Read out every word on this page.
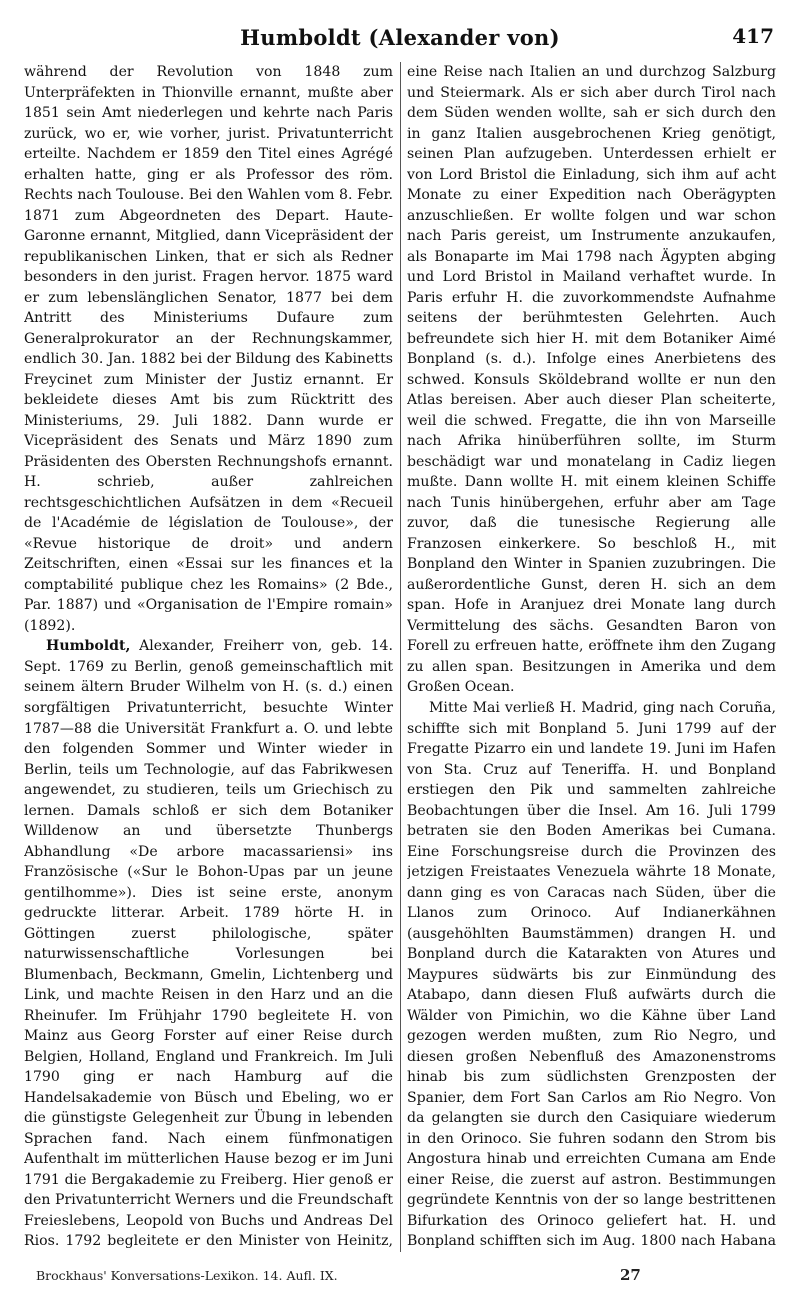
Humboldt (Alexander von)	417

während der Revolution von 1848 zum Unterpräfekten in Thionville ernannt, mußte aber 1851 sein Amt niederlegen und kehrte nach Paris zurück, wo er, wie vorher, jurist. Privatunterricht erteilte. Nachdem er 1859 den Titel eines Agrégé erhalten hatte, ging er als Professor des röm. Rechts nach Toulouse. Bei den Wahlen vom 8. Febr. 1871 zum Abgeordneten des Depart. Haute-Garonne ernannt, Mitglied, dann Vicepräsident der republikanischen Linken, that er sich als Redner besonders in den jurist. Fragen hervor. 1875 ward er zum lebenslänglichen Senator, 1877 bei dem Antritt des Ministeriums Dufaure zum Generalprokurator an der Rechnungskammer, endlich 30. Jan. 1882 bei der Bildung des Kabinetts Freycinet zum Minister der Justiz ernannt. Er bekleidete dieses Amt bis zum Rücktritt des Ministeriums, 29. Juli 1882. Dann wurde er Vicepräsident des Senats und März 1890 zum Präsidenten des Obersten Rechnungshofs ernannt. H. schrieb, außer zahlreichen rechtsgeschichtlichen Aufsätzen in dem «Recueil de l'Académie de législation de Toulouse», der «Revue historique de droit» und andern Zeitschriften, einen «Essai sur les finances et la comptabilité publique chez les Romains» (2 Bde., Par. 1887) und «Organisation de l'Empire romain» (1892).

Humboldt, Alexander, Freiherr von, geb. 14. Sept. 1769 zu Berlin, genoß gemeinschaftlich mit seinem ältern Bruder Wilhelm von H. (s. d.) einen sorgfältigen Privatunterricht, besuchte Winter 1787—88 die Universität Frankfurt a. O. und lebte den folgenden Sommer und Winter wieder in Berlin, teils um Technologie, auf das Fabrikwesen angewendet, zu studieren, teils um Griechisch zu lernen. Damals schloß er sich dem Botaniker Willdenow an und übersetzte Thunbergs Abhandlung «De arbore macassariensi» ins Französische («Sur le Bohon-Upas par un jeune gentilhomme»). Dies ist seine erste, anonym gedruckte litterar. Arbeit. 1789 hörte H. in Göttingen zuerst philologische, später naturwissenschaftliche Vorlesungen bei Blumenbach, Beckmann, Gmelin, Lichtenberg und Link, und machte Reisen in den Harz und an die Rheinufer. Im Frühjahr 1790 begleitete H. von Mainz aus Georg Forster auf einer Reise durch Belgien, Holland, England und Frankreich. Im Juli 1790 ging er nach Hamburg auf die Handelsakademie von Büsch und Ebeling, wo er die günstigste Gelegenheit zur Übung in lebenden Sprachen fand. Nach einem fünfmonatigen Aufenthalt im mütterlichen Hause bezog er im Juni 1791 die Bergakademie zu Freiberg. Hier genoß er den Privatunterricht Werners und die Freundschaft Freieslebens, Leopold von Buchs und Andreas Del Rios. 1792 begleitete er den Minister von Heinitz,

eine Reise nach Italien an und durchzog Salzburg und Steiermark. Als er sich aber durch Tirol nach dem Süden wenden wollte, sah er sich durch den in ganz Italien ausgebrochenen Krieg genötigt, seinen Plan aufzugeben. Unterdessen erhielt er von Lord Bristol die Einladung, sich ihm auf acht Monate zu einer Expedition nach Oberägypten anzuschließen. Er wollte folgen und war schon nach Paris gereist, um Instrumente anzukaufen, als Bonaparte im Mai 1798 nach Ägypten abging und Lord Bristol in Mailand verhaftet wurde. In Paris erfuhr H. die zuvorkommendste Aufnahme seitens der berühmtesten Gelehrten. Auch befreundete sich hier H. mit dem Botaniker Aimé Bonpland (s. d.). Infolge eines Anerbietens des schwed. Konsuls Sköldebrand wollte er nun den Atlas bereisen. Aber auch dieser Plan scheiterte, weil die schwed. Fregatte, die ihn von Marseille nach Afrika hinüberführen sollte, im Sturm beschädigt war und monatelang in Cadiz liegen mußte. Dann wollte H. mit einem kleinen Schiffe nach Tunis hinübergehen, erfuhr aber am Tage zuvor, daß die tunesische Regierung alle Franzosen einkerkere. So beschloß H., mit Bonpland den Winter in Spanien zuzubringen. Die außerordentliche Gunst, deren H. sich an dem span. Hofe in Aranjuez drei Monate lang durch Vermittelung des sächs. Gesandten Baron von Forell zu erfreuen hatte, eröffnete ihm den Zugang zu allen span. Besitzungen in Amerika und dem Großen Ocean.

Mitte Mai verließ H. Madrid, ging nach Coruña, schiffte sich mit Bonpland 5. Juni 1799 auf der Fregatte Pizarro ein und landete 19. Juni im Hafen von Sta. Cruz auf Teneriffa. H. und Bonpland erstiegen den Pik und sammelten zahlreiche Beobachtungen über die Insel. Am 16. Juli 1799 betraten sie den Boden Amerikas bei Cumana. Eine Forschungsreise durch die Provinzen des jetzigen Freistaates Venezuela währte 18 Monate, dann ging es von Caracas nach Süden, über die Llanos zum Orinoco. Auf Indianerkähnen (ausgehöhlten Baumstämmen) drangen H. und Bonpland durch die Katarakten von Atures und Maypures südwärts bis zur Einmündung des Atabapo, dann diesen Fluß aufwärts durch die Wälder von Pimichin, wo die Kähne über Land gezogen werden mußten, zum Rio Negro, und diesen großen Nebenfluß des Amazonenstroms hinab bis zum südlichsten Grenzposten der Spanier, dem Fort San Carlos am Rio Negro. Von da gelangten sie durch den Casiquiare wiederum in den Orinoco. Sie fuhren sodann den Strom bis Angostura hinab und erreichten Cumana am Ende einer Reise, die zuerst auf astron. Bestimmungen gegründete Kenntnis von der so lange bestrittenen Bifurkation des Orinoco geliefert hat. H. und Bonpland schifften sich im Aug. 1800 nach Habana

Brockhaus' Konversations-Lexikon. 14. Aufl. IX.	27
